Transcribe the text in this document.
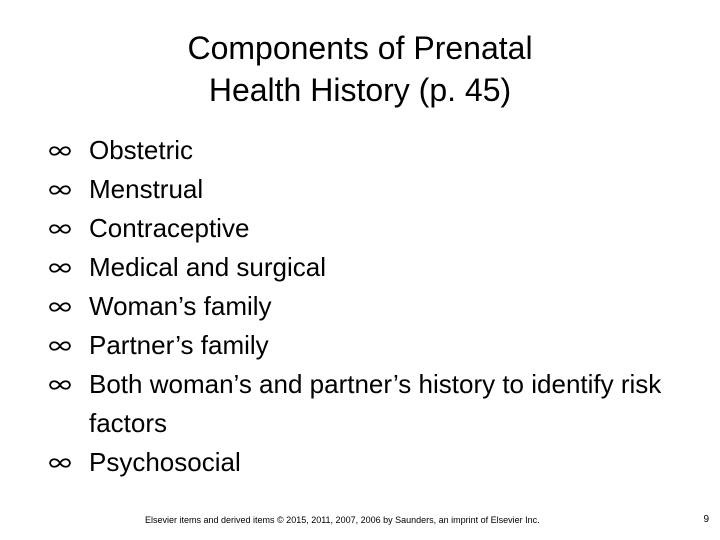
Components of Prenatal
Health History (p. 45)
Obstetric
Menstrual
Contraceptive
Medical and surgical
Woman’s family
Partner’s family
Both woman’s and partner’s history to identify risk factors
Psychosocial
Elsevier items and derived items © 2015, 2011, 2007, 2006 by Saunders, an imprint of Elsevier Inc.	9
